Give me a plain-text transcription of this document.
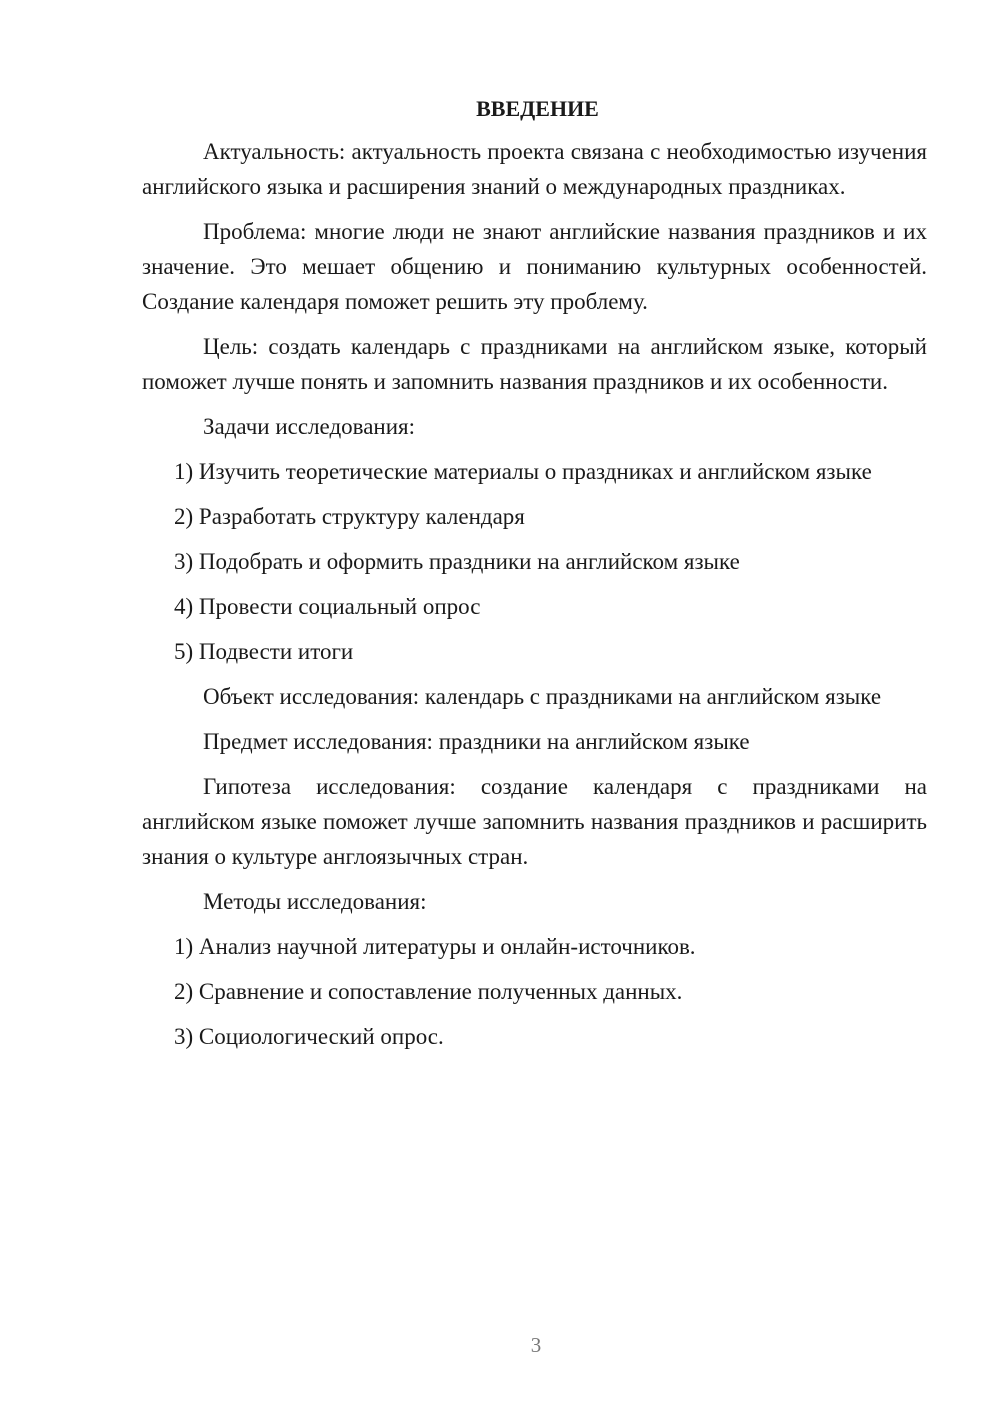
ВВЕДЕНИЕ
Актуальность: актуальность проекта связана с необходимостью изучения английского языка и расширения знаний о международных праздниках.
Проблема: многие люди не знают английские названия праздников и их значение. Это мешает общению и пониманию культурных особенностей. Создание календаря поможет решить эту проблему.
Цель: создать календарь с праздниками на английском языке, который поможет лучше понять и запомнить названия праздников и их особенности.
Задачи исследования:
1) Изучить теоретические материалы о праздниках и английском языке
2) Разработать структуру календаря
3) Подобрать и оформить праздники на английском языке
4) Провести социальный опрос
5) Подвести итоги
Объект исследования: календарь с праздниками на английском языке
Предмет исследования: праздники на английском языке
Гипотеза исследования: создание календаря с праздниками на английском языке поможет лучше запомнить названия праздников и расширить знания о культуре англоязычных стран.
Методы исследования:
1) Анализ научной литературы и онлайн-источников.
2) Сравнение и сопоставление полученных данных.
3) Социологический опрос.
3
